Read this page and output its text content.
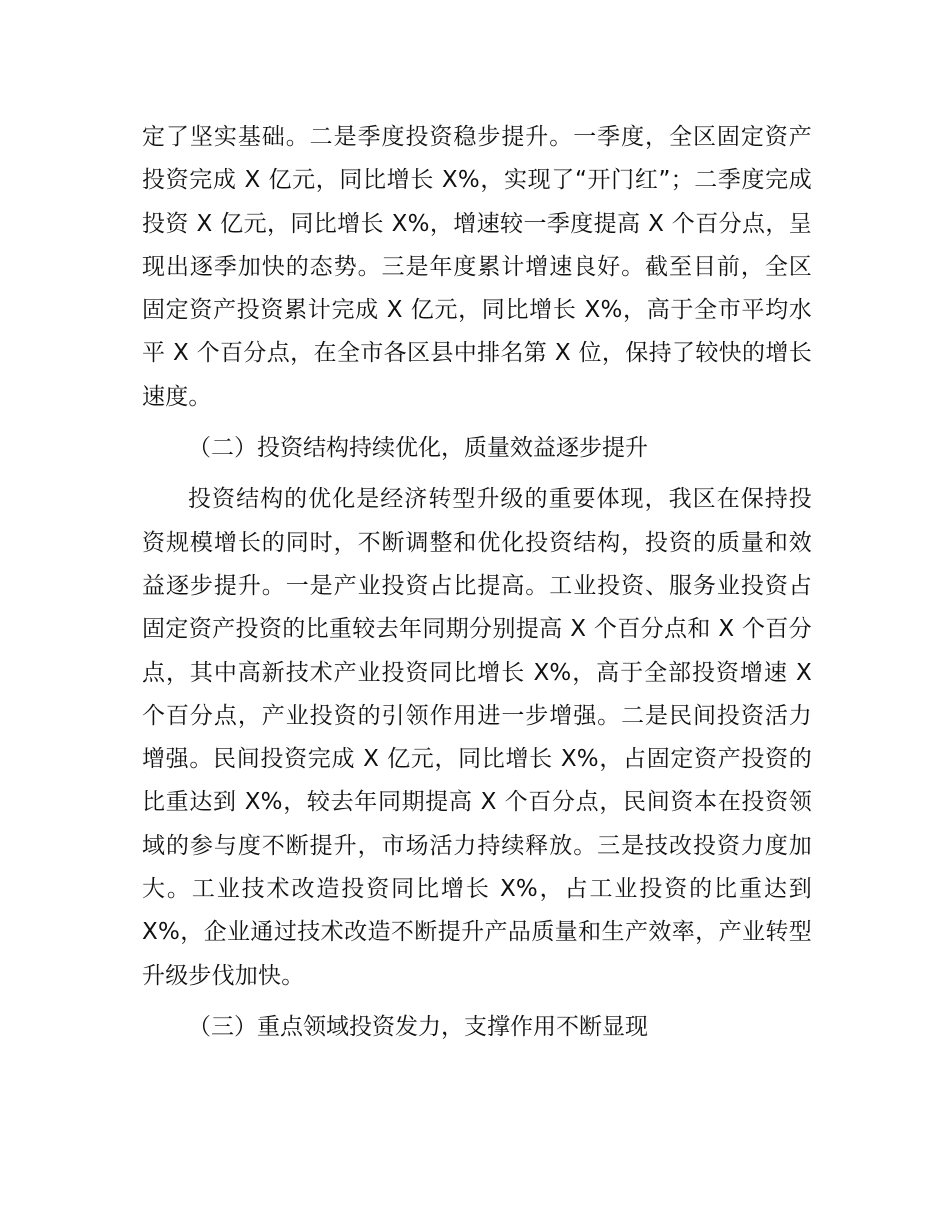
定了坚实基础。二是季度投资稳步提升。一季度，全区固定资产投资完成 X 亿元，同比增长 X%，实现了“开门红”；二季度完成投资 X 亿元，同比增长 X%，增速较一季度提高 X 个百分点，呈现出逐季加快的态势。三是年度累计增速良好。截至目前，全区固定资产投资累计完成 X 亿元，同比增长 X%，高于全市平均水平 X 个百分点，在全市各区县中排名第 X 位，保持了较快的增长速度。

（二）投资结构持续优化，质量效益逐步提升

投资结构的优化是经济转型升级的重要体现，我区在保持投资规模增长的同时，不断调整和优化投资结构，投资的质量和效益逐步提升。一是产业投资占比提高。工业投资、服务业投资占固定资产投资的比重较去年同期分别提高 X 个百分点和 X 个百分点，其中高新技术产业投资同比增长 X%，高于全部投资增速 X 个百分点，产业投资的引领作用进一步增强。二是民间投资活力增强。民间投资完成 X 亿元，同比增长 X%，占固定资产投资的比重达到 X%，较去年同期提高 X 个百分点，民间资本在投资领域的参与度不断提升，市场活力持续释放。三是技改投资力度加大。工业技术改造投资同比增长 X%，占工业投资的比重达到 X%，企业通过技术改造不断提升产品质量和生产效率，产业转型升级步伐加快。

（三）重点领域投资发力，支撑作用不断显现
